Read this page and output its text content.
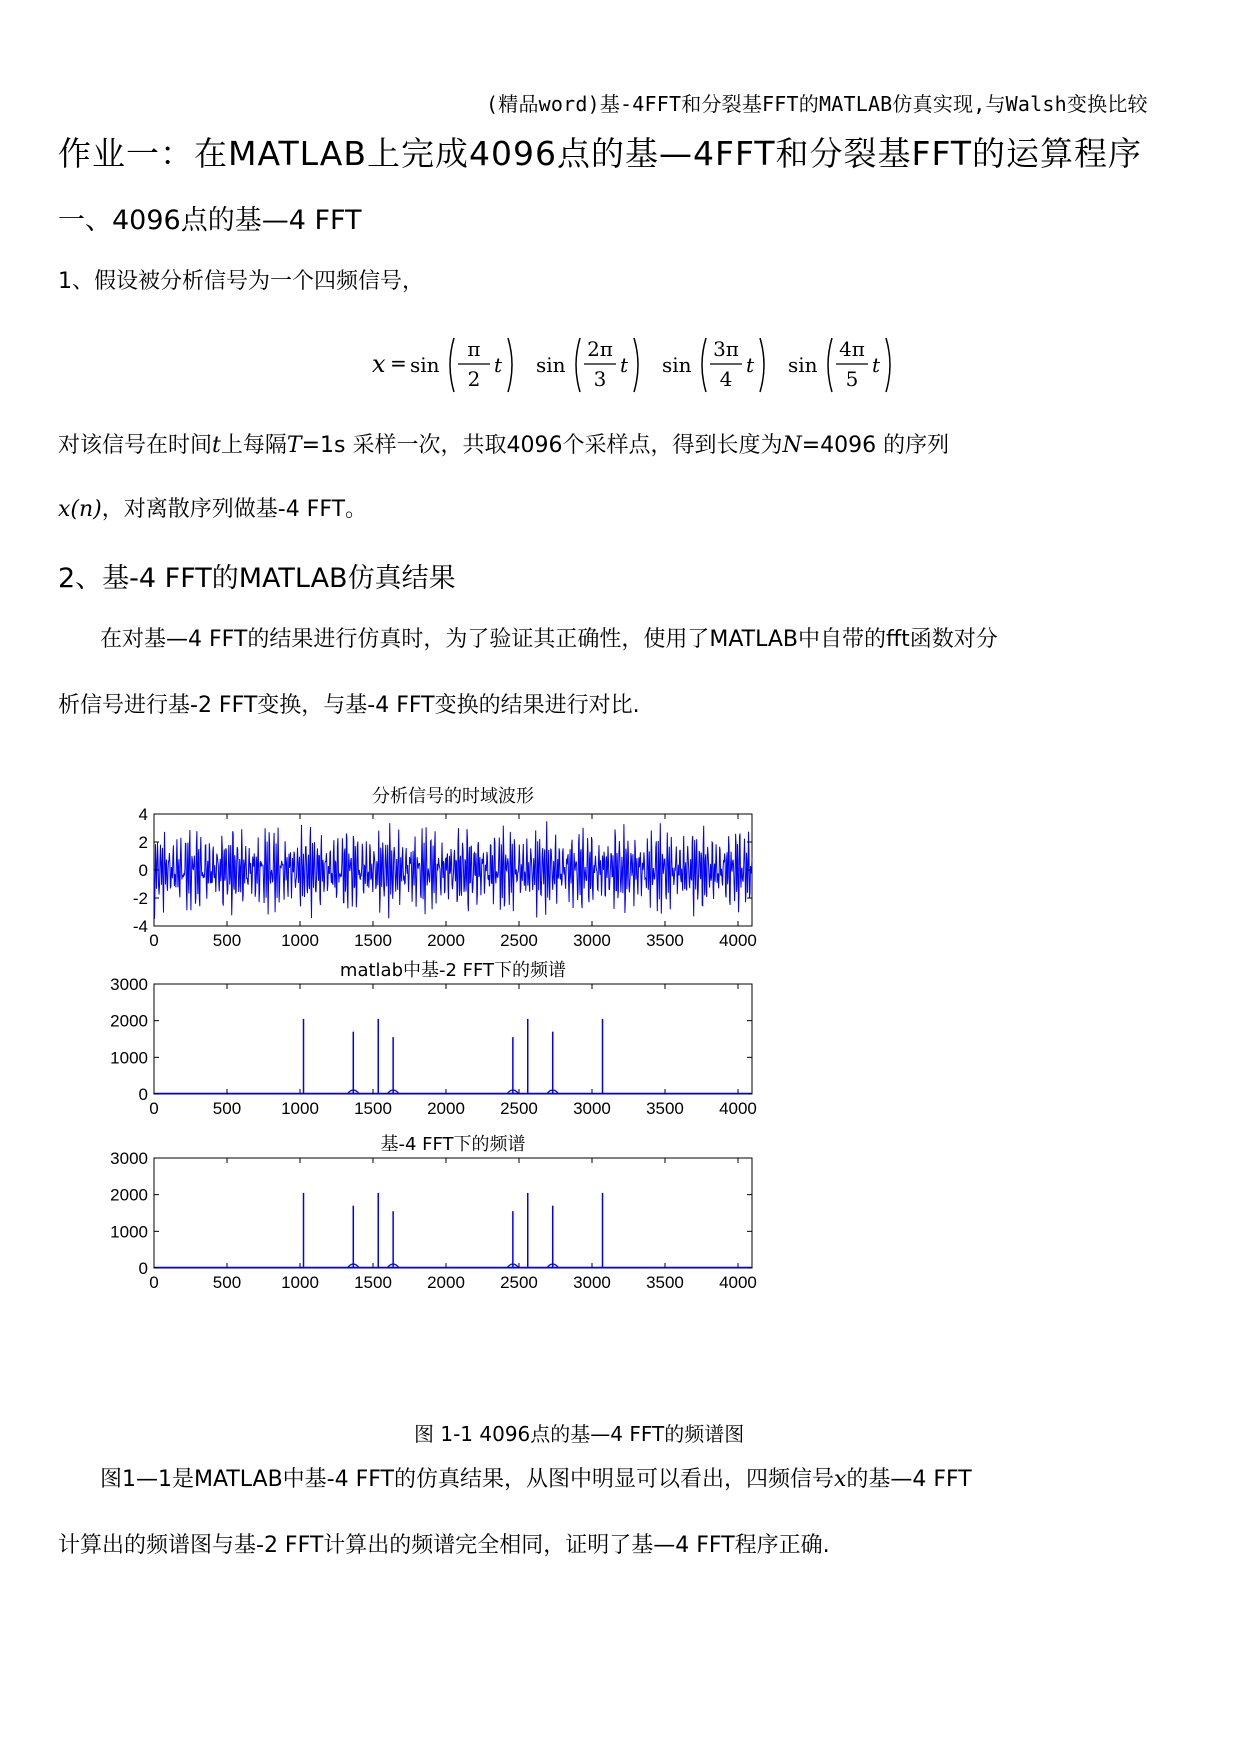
(精品word)基-4FFT和分裂基FFT的MATLAB仿真实现,与Walsh变换比较
作业一：在MATLAB上完成4096点的基—4FFT和分裂基FFT的运算程序
一、4096点的基—4 FFT
1、假设被分析信号为一个四频信号，
x = sin
π
2
t sin
2π
3
t sin
3π
4
t sin
4π
5
t
对该信号在时间t上每隔T=1s 采样一次，共取4096个采样点，得到长度为N=4096 的序列
x(n)，对离散序列做基-4 FFT。
2、基-4 FFT的MATLAB仿真结果
在对基—4 FFT的结果进行仿真时，为了验证其正确性，使用了MATLAB中自带的fft函数对分
析信号进行基-2 FFT变换，与基-4 FFT变换的结果进行对比.
分析信号的时域波形
0	500 1000 1500 2000 2500 3000 3500 4000
4
2
0
-2
-4
matlab中基-2 FFT下的频谱
0	500 1000 1500 2000 2500 3000 3500 4000
3000
2000
1000
0
基-4 FFT下的频谱
0	500 1000 1500 2000 2500 3000 3500 4000
3000
2000
1000
0
图 1-1 4096点的基—4 FFT的频谱图
图1—1是MATLAB中基-4 FFT的仿真结果，从图中明显可以看出，四频信号x的基—4 FFT
计算出的频谱图与基-2 FFT计算出的频谱完全相同，证明了基—4 FFT程序正确.
